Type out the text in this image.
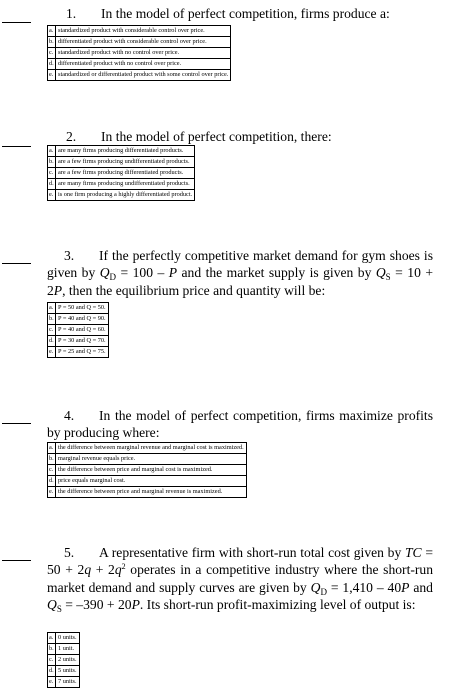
1. In the model of perfect competition, firms produce a:
a.	standardized product with considerable control over price.
b.	differentiated product with considerable control over price.
c.	standardized product with no control over price.
d.	differentiated product with no control over price.
e.	standardized or differentiated product with some control over price.
2. In the model of perfect competition, there:
a.	are many firms producing differentiated products.
b.	are a few firms producing undifferentiated products.
c.	are a few firms producing differentiated products.
d.	are many firms producing undifferentiated products.
e.	is one firm producing a highly differentiated product.
3. If the perfectly competitive market demand for gym shoes is given by $Q_D = 100 - P$ and the market supply is given by $Q_S = 10 + 2P$, then the equilibrium price and quantity will be:
a.	P = 50 and Q = 50.
b.	P = 40 and Q = 90.
c.	P = 40 and Q = 60.
d.	P = 30 and Q = 70.
e.	P = 25 and Q = 75.
4. In the model of perfect competition, firms maximize profits by producing where:
a.	the difference between marginal revenue and marginal cost is maximized.
b.	marginal revenue equals price.
c.	the difference between price and marginal cost is maximized.
d.	price equals marginal cost.
e.	the difference between price and marginal revenue is maximized.
5. A representative firm with short-run total cost given by TC = $50 + 2q + 2q^2$ operates in a competitive industry where the short-run market demand and supply curves are given by $Q_D = 1,410 - 40P$ and $Q_S = -390 + 20P$. Its short-run profit-maximizing level of output is:
a.	0 units.
b.	1 unit.
c.	2 units.
d.	5 units.
e.	7 units.
